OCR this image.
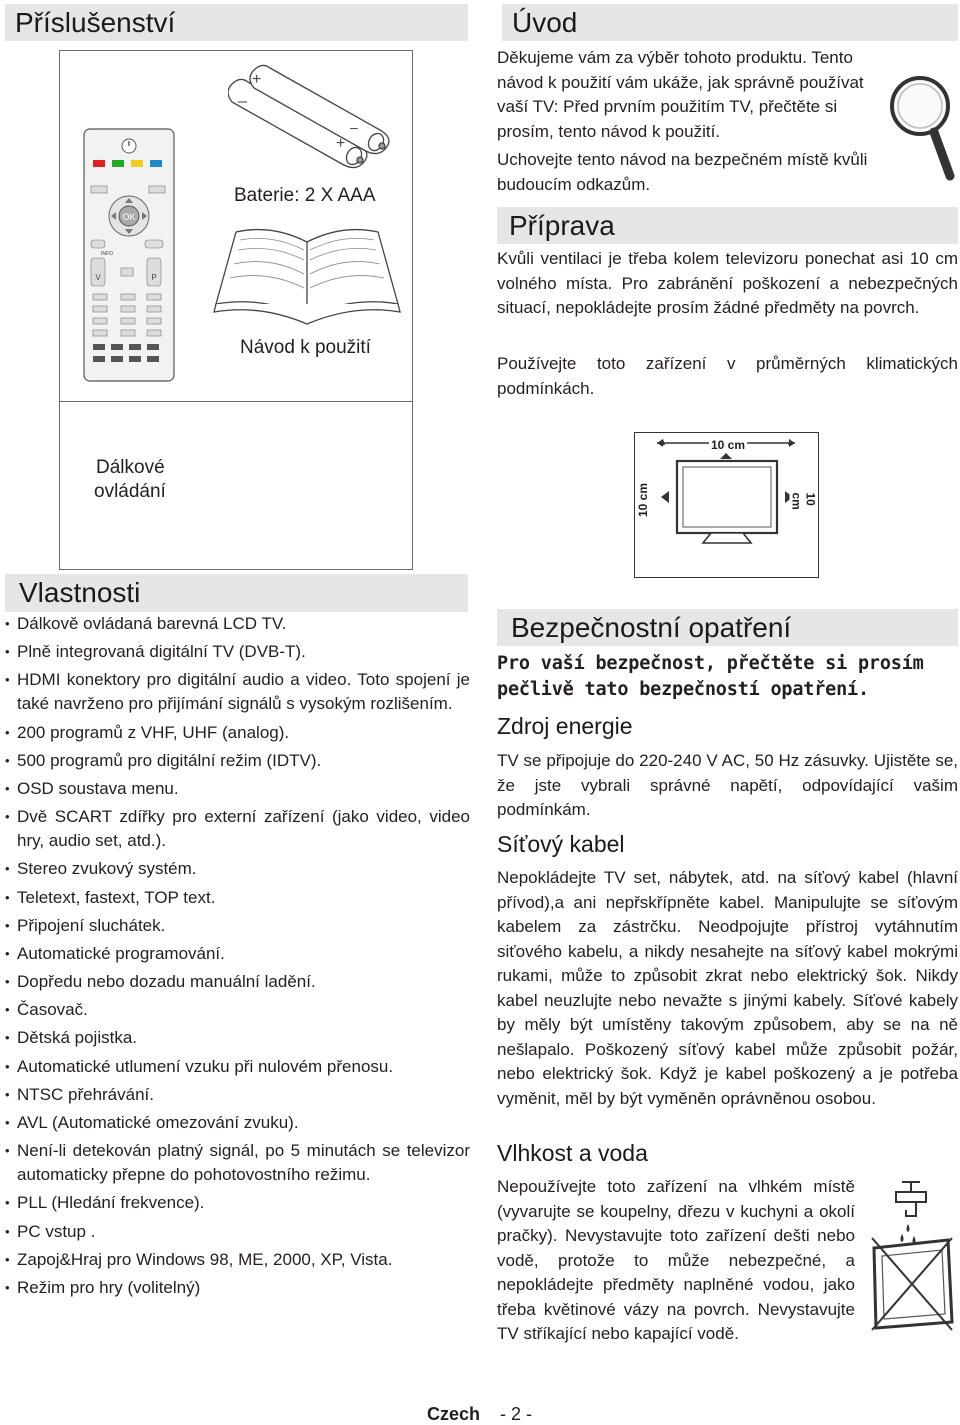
Příslušenství
OK
INFO
V	P
+
–
+
–
Baterie: 2 X AAA
Návod k použití
Dálkové
ovládání
Úvod
Děkujeme vám za výběr tohoto produktu. Tento návod k použití vám ukáže, jak správně používat vaší TV: Před prvním použitím TV, přečtěte si prosím, tento návod k použití.
Uchovejte tento návod na bezpečném místě kvůli budoucím odkazům.
Příprava
Kvůli ventilaci je třeba kolem televizoru ponechat asi 10 cm volného místa. Pro zabránění poškození a nebezpečných situací, nepokládejte prosím žádné předměty na povrch.
Používejte toto zařízení v průměrných klimatických podmínkách.
10 cm
10 cm	10 cm
Vlastnosti
• Dálkově ovládaná barevná LCD TV.
• Plně integrovaná digitální TV (DVB-T).
• HDMI konektory pro digitální audio a video. Toto spojení je také navrženo pro přijímání signálů s vysokým rozlišením.
• 200 programů z VHF, UHF (analog).
• 500 programů pro digitální režim (IDTV).
• OSD soustava menu.
• Dvě SCART zdířky pro externí zařízení (jako video, video hry, audio set, atd.).
• Stereo zvukový systém.
• Teletext, fastext, TOP text.
• Připojení sluchátek.
• Automatické programování.
• Dopředu nebo dozadu manuální ladění.
• Časovač.
• Dětská pojistka.
• Automatické utlumení vzuku při nulovém přenosu.
• NTSC přehrávání.
• AVL (Automatické omezování zvuku).
• Není-li detekován platný signál, po 5 minutách se televizor automaticky přepne do pohotovostního režimu.
• PLL (Hledání frekvence).
• PC vstup .
• Zapoj&Hraj pro Windows 98, ME, 2000, XP, Vista.
• Režim pro hry (volitelný)
Bezpečnostní opatření
Pro vaší bezpečnost, přečtěte si prosím pečlivě tato bezpečností opatření.
Zdroj energie
TV se připojuje do 220-240 V AC, 50 Hz zásuvky. Ujistěte se, že jste vybrali správné napětí, odpovídající vašim podmínkám.
Síťový kabel
Nepokládejte TV set, nábytek, atd. na síťový kabel (hlavní přívod),a ani nepřskřípněte kabel. Manipulujte se síťovým kabelem za zástrčku. Neodpojujte přístroj vytáhnutím siťového kabelu, a nikdy nesahejte na síťový kabel mokrými rukami, může to způsobit zkrat nebo elektrický šok. Nikdy kabel neuzlujte nebo nevažte s jinými kabely. Síťové kabely by měly být umístěny takovým způsobem, aby se na ně nešlapalo. Poškozený síťový kabel může způsobit požár, nebo elektrický šok. Když je kabel poškozený a je potřeba vyměnit, měl by být vyměněn oprávněnou osobou.
Vlhkost a voda
Nepoužívejte toto zařízení na vlhkém místě (vyvarujte se koupelny, dřezu v kuchyni a okolí pračky). Nevystavujte toto zařízení dešti nebo vodě, protože to může nebezpečné, a nepokládejte předměty naplněné vodou, jako třeba květinové vázy na povrch. Nevystavujte TV stříkající nebo kapající vodě.
Czech - 2 -
